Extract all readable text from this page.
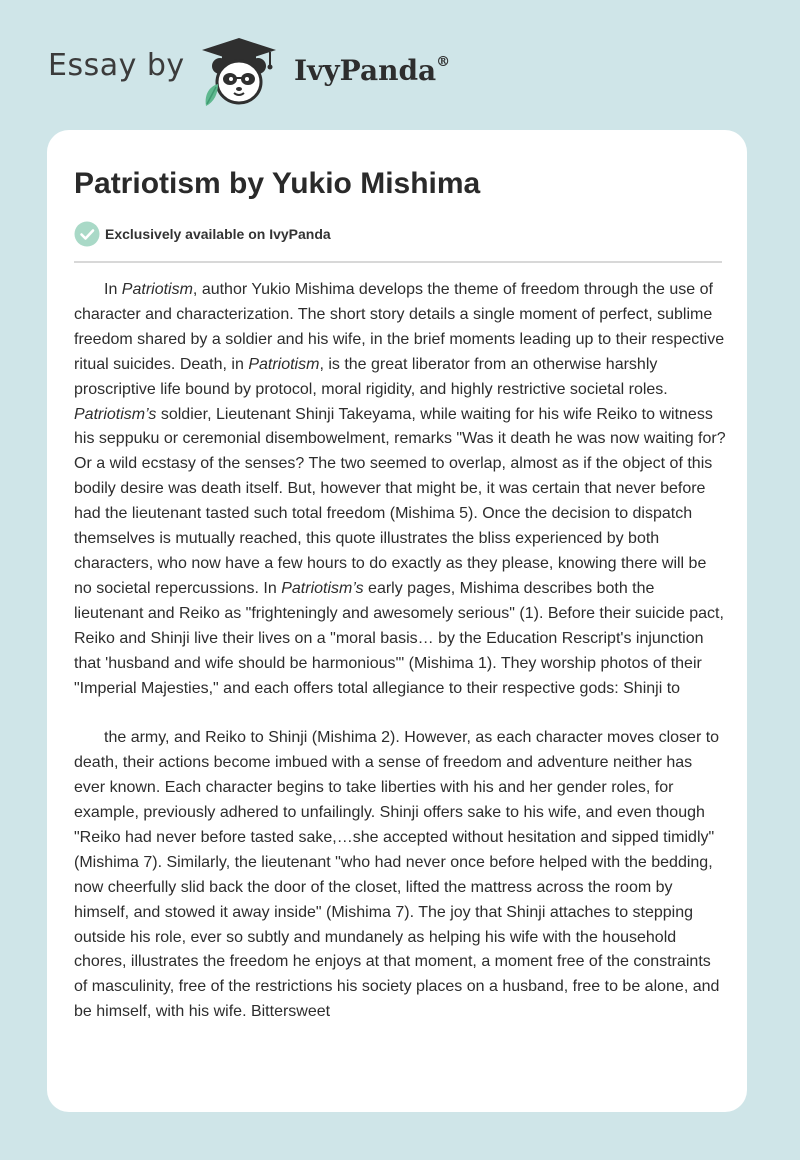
Essay by	IvyPanda®
Patriotism by Yukio Mishima
Exclusively available on IvyPanda

In Patriotism, author Yukio Mishima develops the theme of freedom through the use of character and characterization. The short story details a single moment of perfect, sublime freedom shared by a soldier and his wife, in the brief moments leading up to their respective ritual suicides. Death, in Patriotism, is the great liberator from an otherwise harshly proscriptive life bound by protocol, moral rigidity, and highly restrictive societal roles. Patriotism’s soldier, Lieutenant Shinji Takeyama, while waiting for his wife Reiko to witness his seppuku or ceremonial disembowelment, remarks "Was it death he was now waiting for? Or a wild ecstasy of the senses? The two seemed to overlap, almost as if the object of this bodily desire was death itself. But, however that might be, it was certain that never before had the lieutenant tasted such total freedom (Mishima 5). Once the decision to dispatch themselves is mutually reached, this quote illustrates the bliss experienced by both characters, who now have a few hours to do exactly as they please, knowing there will be no societal repercussions. In Patriotism’s early pages, Mishima describes both the lieutenant and Reiko as "frighteningly and awesomely serious" (1). Before their suicide pact, Reiko and Shinji live their lives on a "moral basis… by the Education Rescript's injunction that 'husband and wife should be harmonious'" (Mishima 1). They worship photos of their "Imperial Majesties," and each offers total allegiance to their respective gods: Shinji to

the army, and Reiko to Shinji (Mishima 2). However, as each character moves closer to death, their actions become imbued with a sense of freedom and adventure neither has ever known. Each character begins to take liberties with his and her gender roles, for example, previously adhered to unfailingly. Shinji offers sake to his wife, and even though "Reiko had never before tasted sake,…she accepted without hesitation and sipped timidly" (Mishima 7). Similarly, the lieutenant "who had never once before helped with the bedding, now cheerfully slid back the door of the closet, lifted the mattress across the room by himself, and stowed it away inside" (Mishima 7). The joy that Shinji attaches to stepping outside his role, ever so subtly and mundanely as helping his wife with the household chores, illustrates the freedom he enjoys at that moment, a moment free of the constraints of masculinity, free of the restrictions his society places on a husband, free to be alone, and be himself, with his wife. Bittersweet
